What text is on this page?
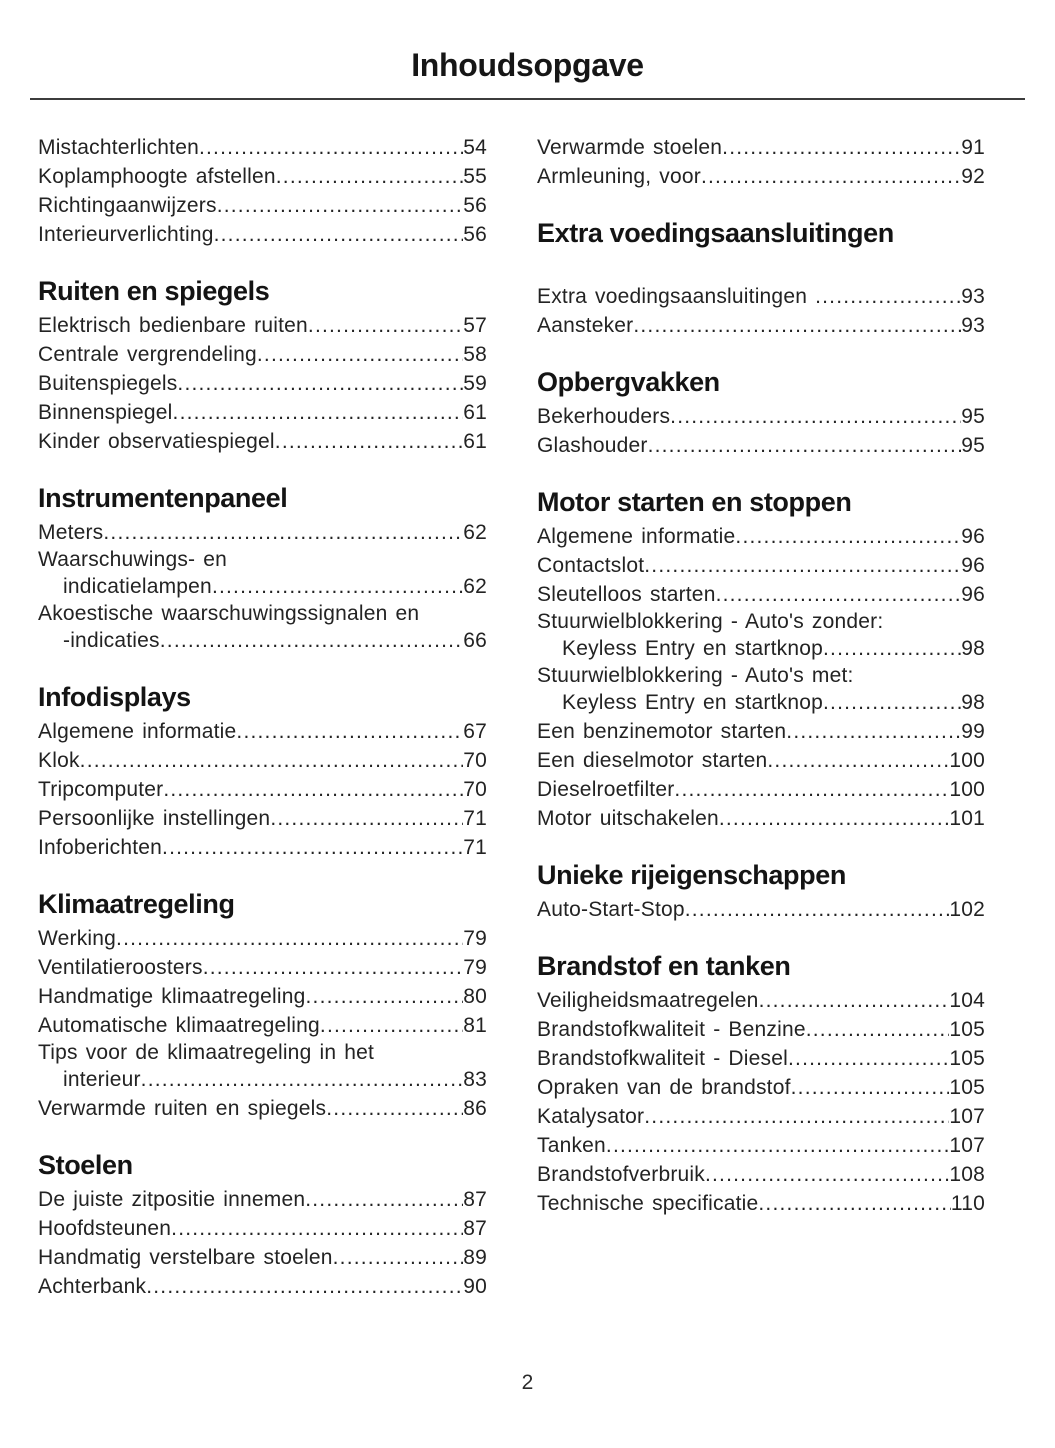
Inhoudsopgave
Mistachterlichten .....	54
Koplamphoogte afstellen .....	55
Richtingaanwijzers .....	56
Interieurverlichting .....	56
Ruiten en spiegels
Elektrisch bedienbare ruiten .....	57
Centrale vergrendeling .....	58
Buitenspiegels .....	59
Binnenspiegel .....	61
Kinder observatiespiegel .....	61
Instrumentenpaneel
Meters .....	62
Waarschuwings- en
indicatielampen .....	62
Akoestische waarschuwingssignalen en
-indicaties .....	66
Infodisplays
Algemene informatie .....	67
Klok .....	70
Tripcomputer .....	70
Persoonlijke instellingen .....	71
Infoberichten .....	71
Klimaatregeling
Werking .....	79
Ventilatieroosters .....	79
Handmatige klimaatregeling .....	80
Automatische klimaatregeling .....	81
Tips voor de klimaatregeling in het
interieur .....	83
Verwarmde ruiten en spiegels .....	86
Stoelen
De juiste zitpositie innemen .....	87
Hoofdsteunen .....	87
Handmatig verstelbare stoelen .....	89
Achterbank .....	90
Verwarmde stoelen .....	91
Armleuning, voor .....	92
Extra voedingsaansluitingen
Extra voedingsaansluitingen .....	93
Aansteker .....	93
Opbergvakken
Bekerhouders .....	95
Glashouder .....	95
Motor starten en stoppen
Algemene informatie .....	96
Contactslot .....	96
Sleutelloos starten .....	96
Stuurwielblokkering - Auto's zonder:
Keyless Entry en startknop .....	98
Stuurwielblokkering - Auto's met:
Keyless Entry en startknop .....	98
Een benzinemotor starten .....	99
Een dieselmotor starten .....	100
Dieselroetfilter .....	100
Motor uitschakelen .....	101
Unieke rijeigenschappen
Auto-Start-Stop .....	102
Brandstof en tanken
Veiligheidsmaatregelen .....	104
Brandstofkwaliteit - Benzine .....	105
Brandstofkwaliteit - Diesel .....	105
Opraken van de brandstof .....	105
Katalysator .....	107
Tanken .....	107
Brandstofverbruik .....	108
Technische specificatie .....	110
2
